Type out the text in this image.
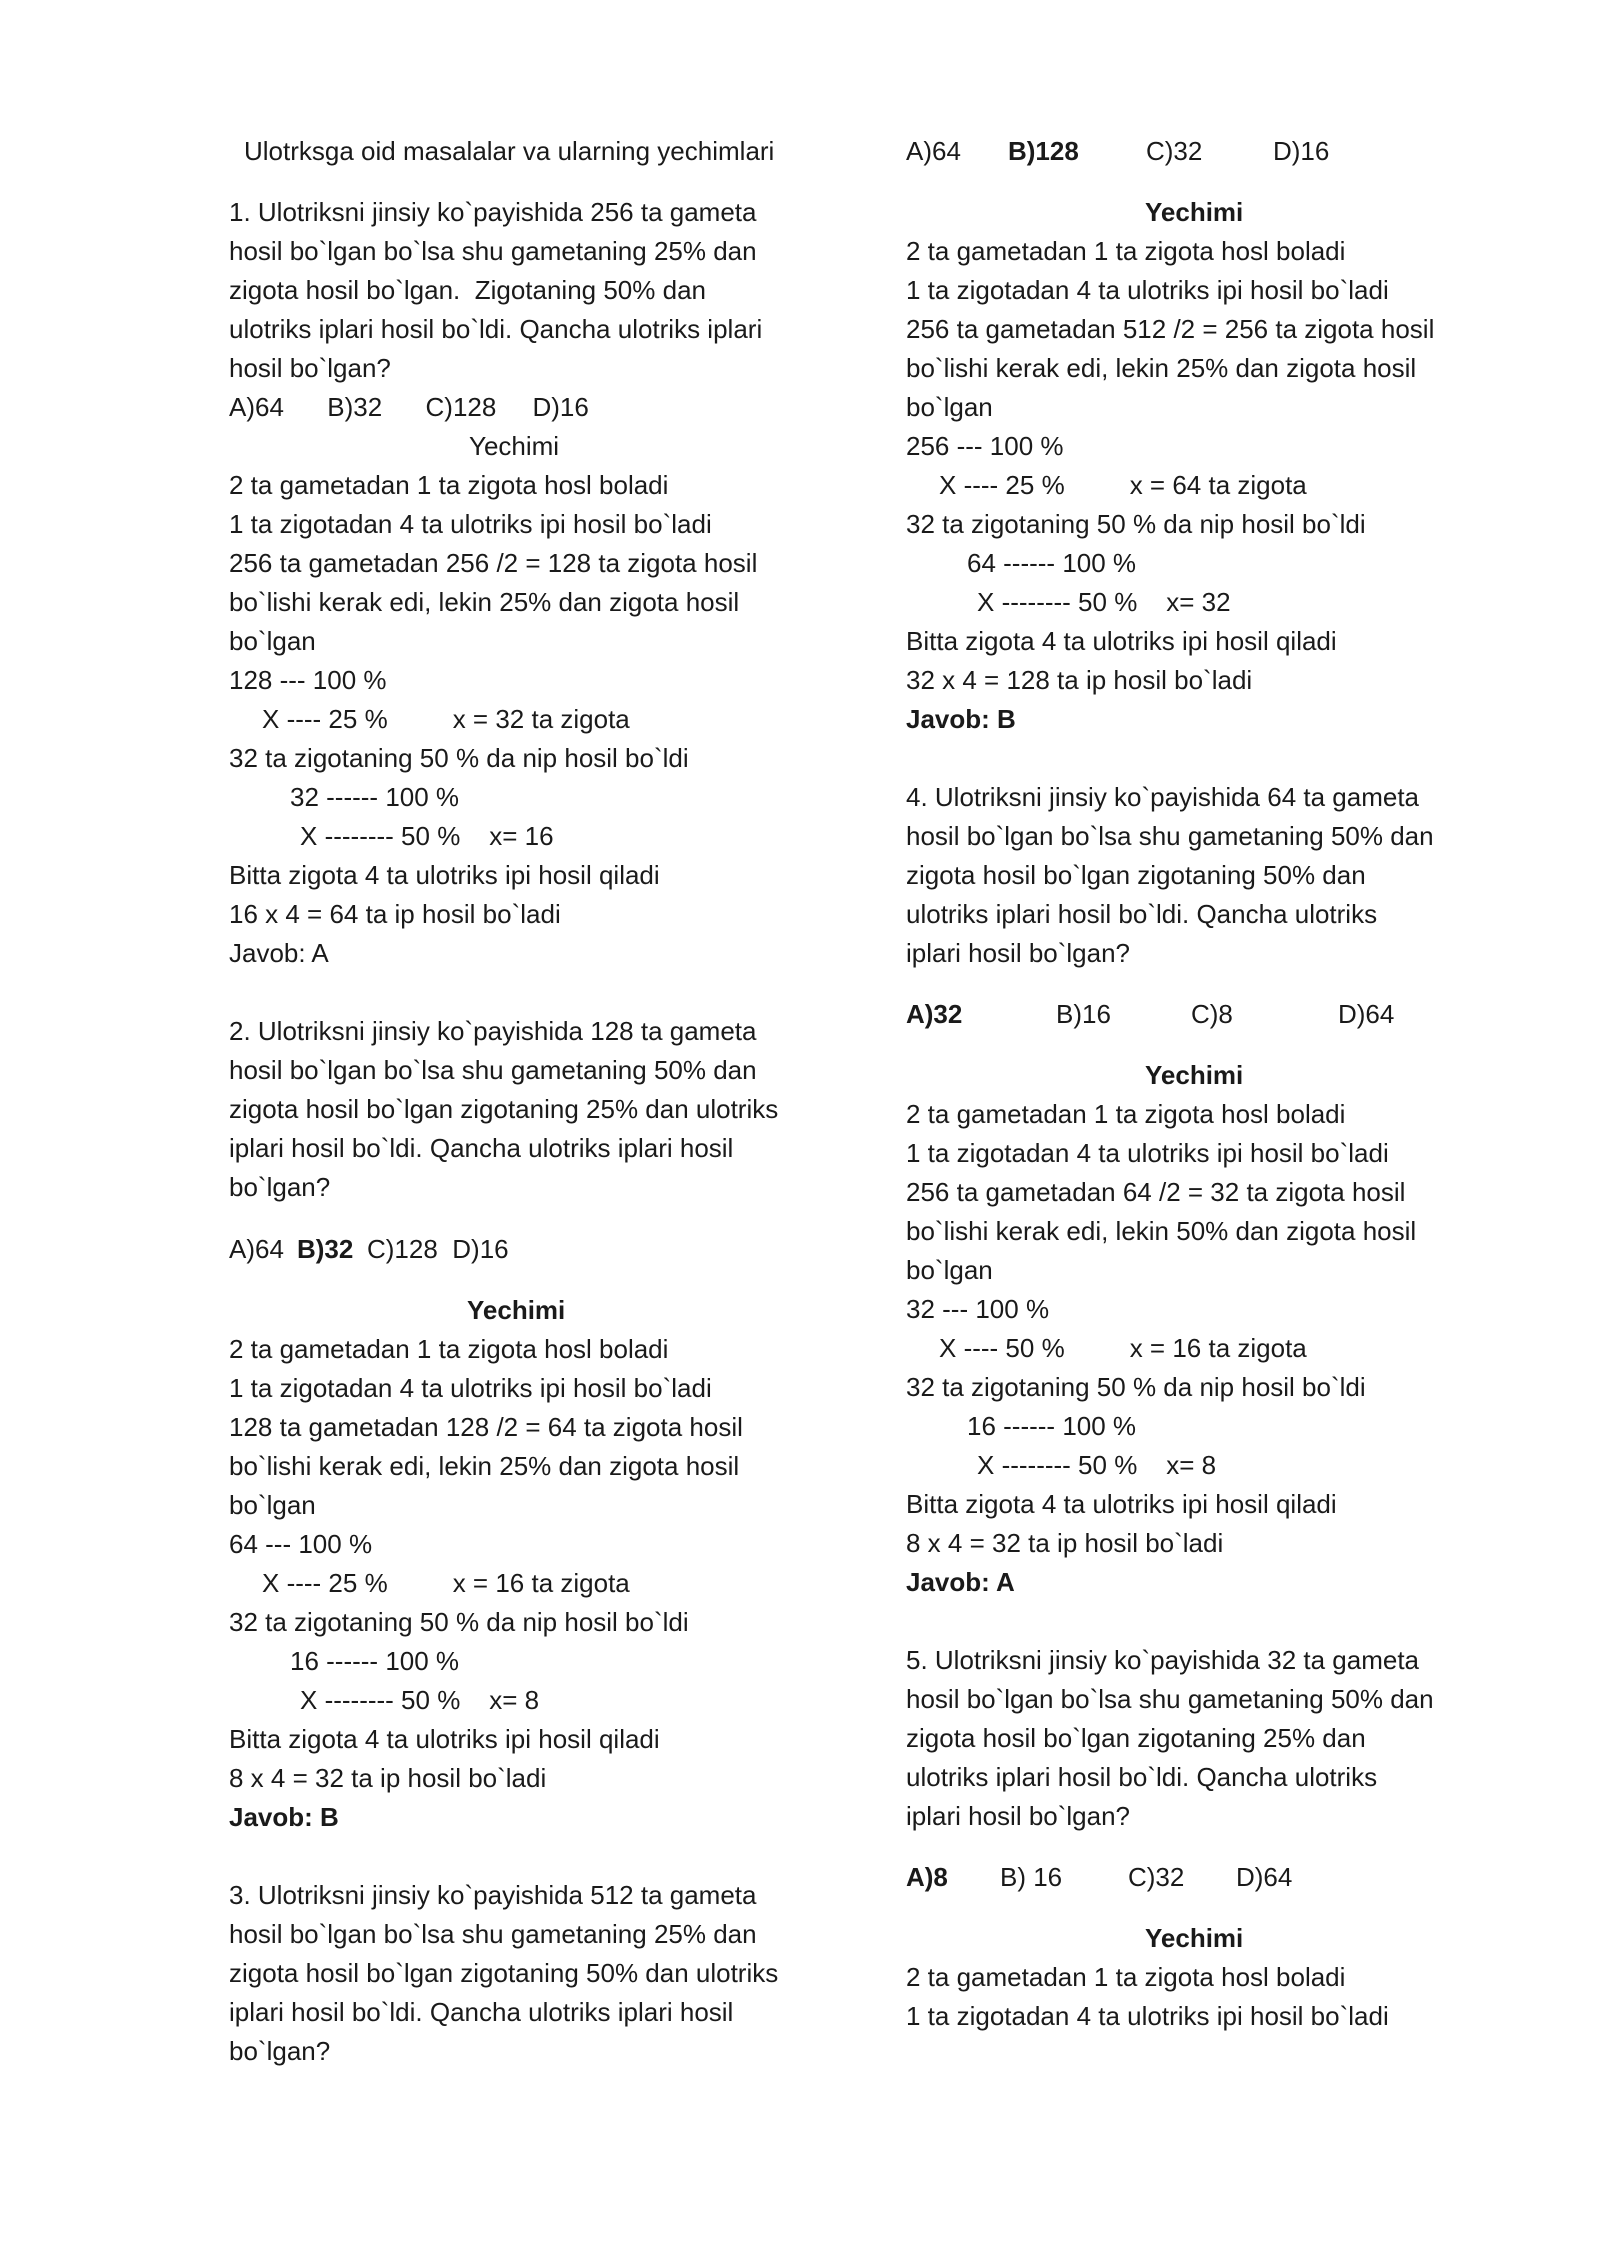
Ulotrksga oid masalalar va ularning yechimlari
1. Ulotriksni jinsiy ko`payishida 256 ta gameta
hosil bo`lgan bo`lsa shu gametaning 25% dan
zigota hosil bo`lgan.  Zigotaning 50% dan
ulotriks iplari hosil bo`ldi. Qancha ulotriks iplari
hosil bo`lgan?
A)64      B)32      C)128     D)16
Yechimi
2 ta gametadan 1 ta zigota hosl boladi
1 ta zigotadan 4 ta ulotriks ipi hosil bo`ladi
256 ta gametadan 256 /2 = 128 ta zigota hosil
bo`lishi kerak edi, lekin 25% dan zigota hosil
bo`lgan
128 --- 100 %
X ---- 25 %         x = 32 ta zigota
32 ta zigotaning 50 % da nip hosil bo`ldi
32 ------ 100 %
X -------- 50 %    x= 16
Bitta zigota 4 ta ulotriks ipi hosil qiladi
16 x 4 = 64 ta ip hosil bo`ladi
Javob: A
2. Ulotriksni jinsiy ko`payishida 128 ta gameta
hosil bo`lgan bo`lsa shu gametaning 50% dan
zigota hosil bo`lgan zigotaning 25% dan ulotriks
iplari hosil bo`ldi. Qancha ulotriks iplari hosil
bo`lgan?
A)64
B)32 C)128  D)16
Yechimi
2 ta gametadan 1 ta zigota hosl boladi
1 ta zigotadan 4 ta ulotriks ipi hosil bo`ladi
128 ta gametadan 128 /2 = 64 ta zigota hosil
bo`lishi kerak edi, lekin 25% dan zigota hosil
bo`lgan
64 --- 100 %
X ---- 25 %         x = 16 ta zigota
32 ta zigotaning 50 % da nip hosil bo`ldi
16 ------ 100 %
X -------- 50 %    x= 8
Bitta zigota 4 ta ulotriks ipi hosil qiladi
8 x 4 = 32 ta ip hosil bo`ladi
Javob: B
3. Ulotriksni jinsiy ko`payishida 512 ta gameta
hosil bo`lgan bo`lsa shu gametaning 25% dan
zigota hosil bo`lgan zigotaning 50% dan ulotriks
iplari hosil bo`ldi. Qancha ulotriks iplari hosil
bo`lgan?
A)64 B)128	C)32	D)16
Yechimi
2 ta gametadan 1 ta zigota hosl boladi
1 ta zigotadan 4 ta ulotriks ipi hosil bo`ladi
256 ta gametadan 512 /2 = 256 ta zigota hosil
bo`lishi kerak edi, lekin 25% dan zigota hosil
bo`lgan
256 --- 100 %
X ---- 25 %         x = 64 ta zigota
32 ta zigotaning 50 % da nip hosil bo`ldi
64 ------ 100 %
X -------- 50 %    x= 32
Bitta zigota 4 ta ulotriks ipi hosil qiladi
32 x 4 = 128 ta ip hosil bo`ladi
Javob: B
4. Ulotriksni jinsiy ko`payishida 64 ta gameta
hosil bo`lgan bo`lsa shu gametaning 50% dan
zigota hosil bo`lgan zigotaning 50% dan
ulotriks iplari hosil bo`ldi. Qancha ulotriks
iplari hosil bo`lgan?
A)32	B)16	C)8	D)64
Yechimi
2 ta gametadan 1 ta zigota hosl boladi
1 ta zigotadan 4 ta ulotriks ipi hosil bo`ladi
256 ta gametadan 64 /2 = 32 ta zigota hosil
bo`lishi kerak edi, lekin 50% dan zigota hosil
bo`lgan
32 --- 100 %
X ---- 50 %         x = 16 ta zigota
32 ta zigotaning 50 % da nip hosil bo`ldi
16 ------ 100 %
X -------- 50 %    x= 8
Bitta zigota 4 ta ulotriks ipi hosil qiladi
8 x 4 = 32 ta ip hosil bo`ladi
Javob: A
5. Ulotriksni jinsiy ko`payishida 32 ta gameta
hosil bo`lgan bo`lsa shu gametaning 50% dan
zigota hosil bo`lgan zigotaning 25% dan
ulotriks iplari hosil bo`ldi. Qancha ulotriks
iplari hosil bo`lgan?
A)8 B) 16	C)32 D)64
Yechimi
2 ta gametadan 1 ta zigota hosl boladi
1 ta zigotadan 4 ta ulotriks ipi hosil bo`ladi
